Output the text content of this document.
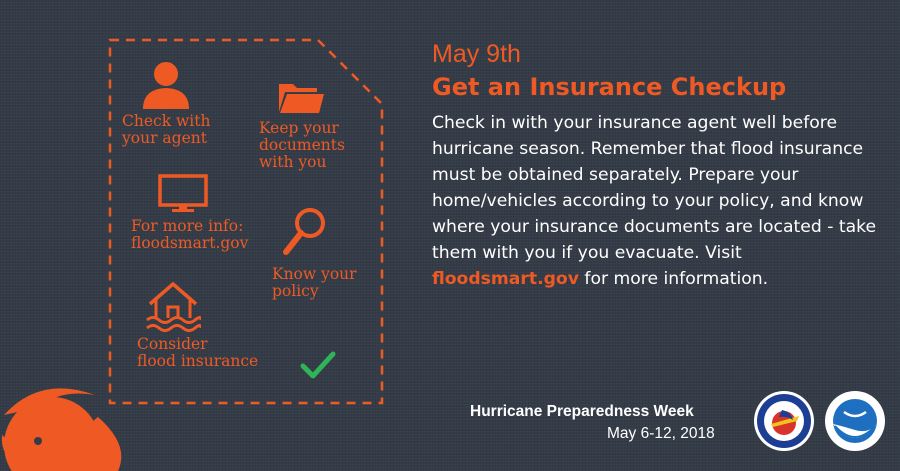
Check with
your agent
Keep your
documents
with you
For more info:
floodsmart.gov
Know your
policy
Consider
flood insurance
May 9th
Get an Insurance Checkup
Check in with your insurance agent well before hurricane season. Remember that flood insurance must be obtained separately. Prepare your home/vehicles according to your policy, and know where your insurance documents are located - take them with you if you evacuate. Visit floodsmart.gov for more information.
Hurricane Preparedness Week
May 6-12, 2018
